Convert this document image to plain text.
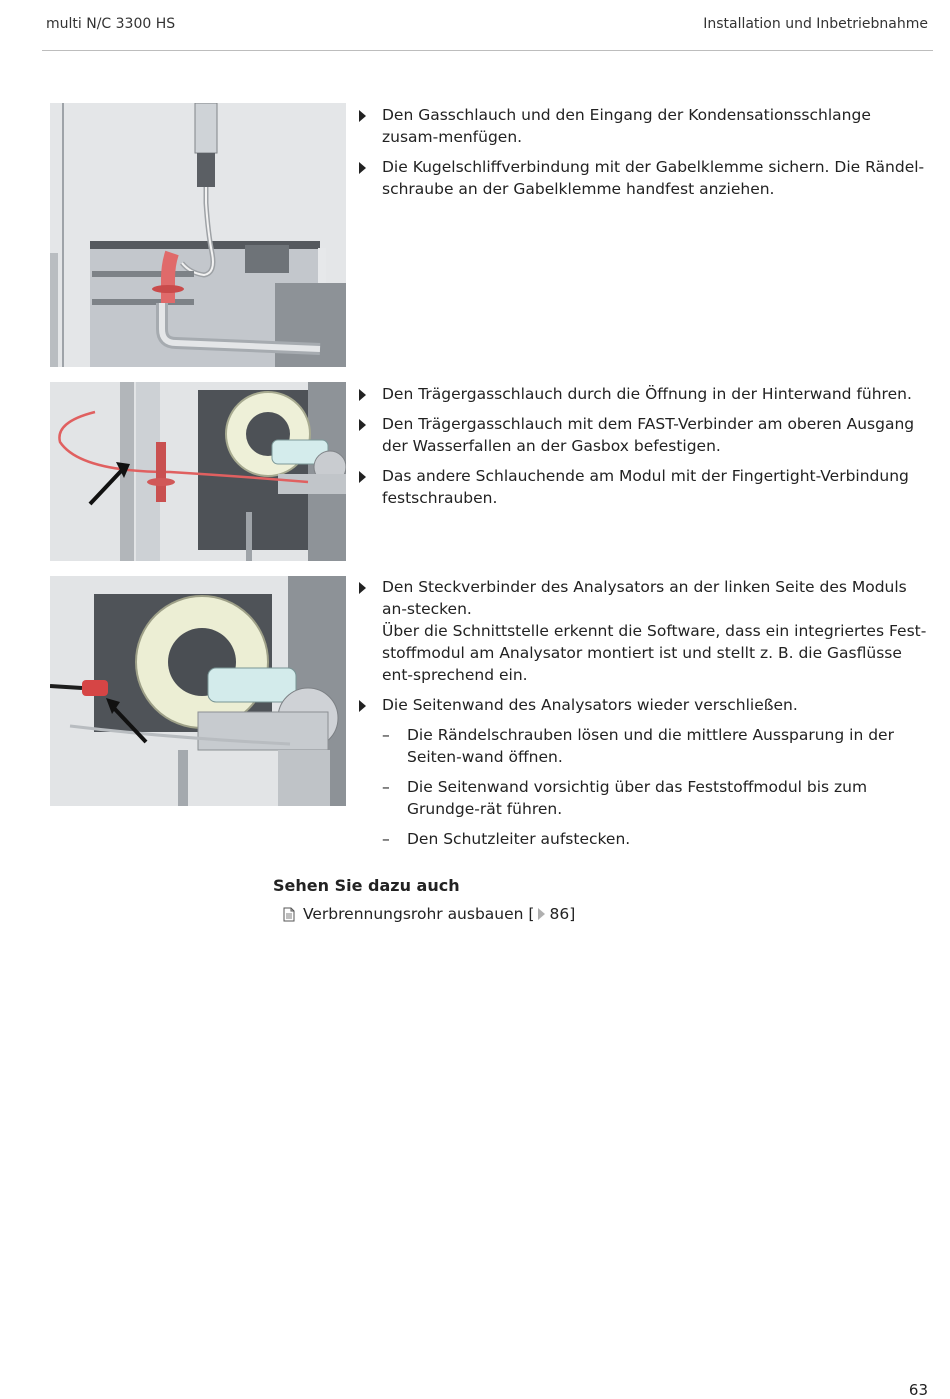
multi N/C 3300 HS	Installation und Inbetriebnahme
Den Gasschlauch und den Eingang der Kondensationsschlange zusam-menfügen.
Die Kugelschliffverbindung mit der Gabelklemme sichern. Die Rändel-schraube an der Gabelklemme handfest anziehen.
Den Trägergasschlauch durch die Öffnung in der Hinterwand führen.
Den Trägergasschlauch mit dem FAST-Verbinder am oberen Ausgang der Wasserfallen an der Gasbox befestigen.
Das andere Schlauchende am Modul mit der Fingertight-Verbindung festschrauben.
Den Steckverbinder des Analysators an der linken Seite des Moduls an-stecken.
Über die Schnittstelle erkennt die Software, dass ein integriertes Fest-stoffmodul am Analysator montiert ist und stellt z. B. die Gasflüsse ent-sprechend ein.
Die Seitenwand des Analysators wieder verschließen.
– Die Rändelschrauben lösen und die mittlere Aussparung in der Seiten-wand öffnen.
– Die Seitenwand vorsichtig über das Feststoffmodul bis zum Grundge-rät führen.
– Den Schutzleiter aufstecken.
Sehen Sie dazu auch
Verbrennungsrohr ausbauen [ 86]
63
